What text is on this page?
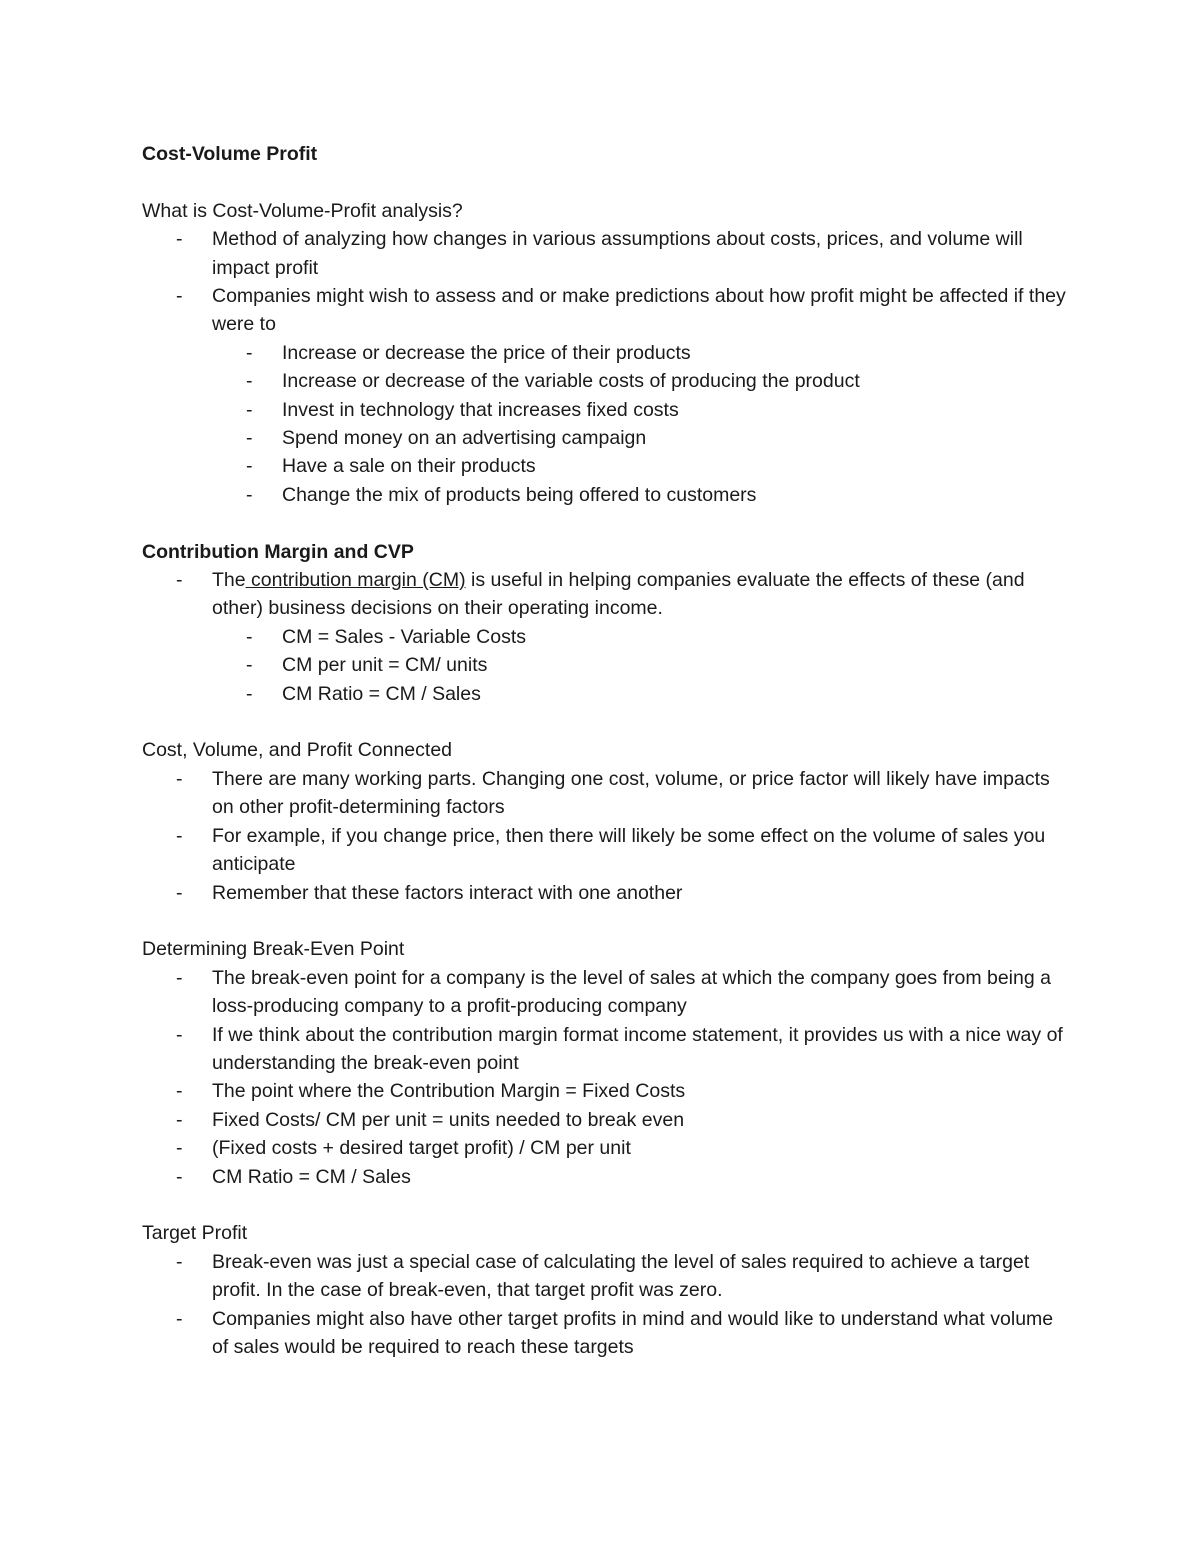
Cost-Volume Profit

What is Cost-Volume-Profit analysis?

- Method of analyzing how changes in various assumptions about costs, prices, and volume will impact profit
- Companies might wish to assess and or make predictions about how profit might be affected if they were to
- Increase or decrease the price of their products
- Increase or decrease of the variable costs of producing the product
- Invest in technology that increases fixed costs
- Spend money on an advertising campaign
- Have a sale on their products
- Change the mix of products being offered to customers

Contribution Margin and CVP

- The contribution margin (CM) is useful in helping companies evaluate the effects of these (and other) business decisions on their operating income.
- CM = Sales - Variable Costs
- CM per unit = CM/ units
- CM Ratio = CM / Sales

Cost, Volume, and Profit Connected

- There are many working parts. Changing one cost, volume, or price factor will likely have impacts on other profit-determining factors
- For example, if you change price, then there will likely be some effect on the volume of sales you anticipate
- Remember that these factors interact with one another

Determining Break-Even Point

- The break-even point for a company is the level of sales at which the company goes from being a loss-producing company to a profit-producing company
- If we think about the contribution margin format income statement, it provides us with a nice way of understanding the break-even point
- The point where the Contribution Margin = Fixed Costs
- Fixed Costs/ CM per unit = units needed to break even
- (Fixed costs + desired target profit) / CM per unit
- CM Ratio = CM / Sales

Target Profit

- Break-even was just a special case of calculating the level of sales required to achieve a target profit. In the case of break-even, that target profit was zero.
- Companies might also have other target profits in mind and would like to understand what volume of sales would be required to reach these targets
